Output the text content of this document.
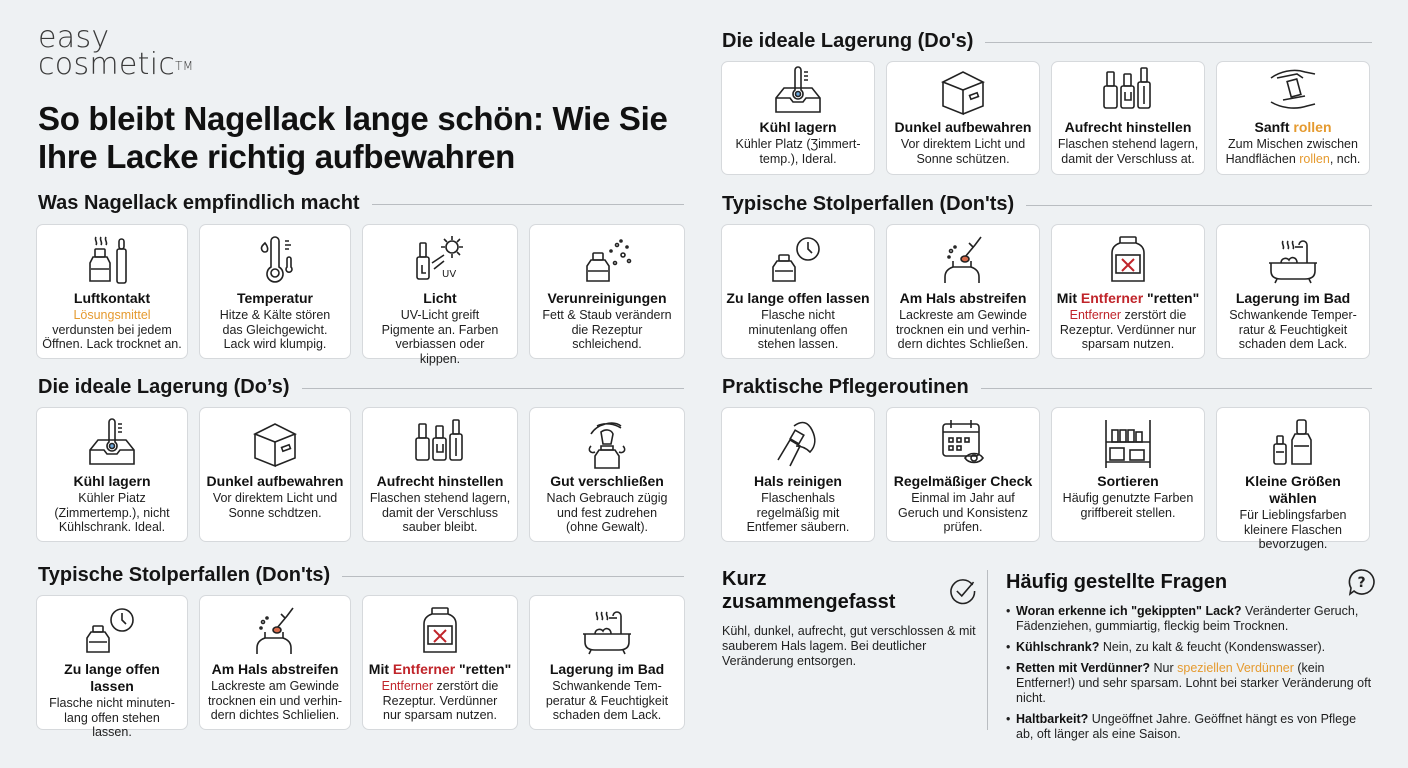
easy
cosmetic™
So bleibt Nagellack lange schön: Wie Sie Ihre Lacke richtig aufbewahren
Was Nagellack empfindlich macht
Luftkontakt
Lösungsmittel
verdunsten bei jedem Öffnen. Lack trocknet an.
Temperatur
Hitze & Kälte stören das Gleichgewicht. Lack wird klumpig.
Licht
UV-Licht greift Pigmente an. Farben verbiassen oder kippen.
Verunreinigungen
Fett & Staub verändern die Rezeptur schleichend.
Die ideale Lagerung (Do’s)
Kühl lagern
Kühler Piatz (Zimmertemp.), nicht Kühlschrank. Ideal.
Dunkel aufbewahren
Vor direktem Licht und Sonne schdtzen.
Aufrecht hinstellen
Flaschen stehend lagern, damit der Verschluss sauber bleibt.
Gut verschließen
Nach Gebrauch zügig und fest zudrehen (ohne Gewalt).
Typische Stolperfallen (Don'ts)
Zu lange offen lassen
Flasche nicht minuten-lang offen stehen lassen.
Am Hals abstreifen
Lackreste am Gewinde trocknen ein und verhin-dern dichtes Schlielien.
Mit Entferner "retten"
Entferner zerstört die Rezeptur. Verdünner nur sparsam nutzen.
Lagerung im Bad
Schwankende Tem-peratur & Feuchtigkeit schaden dem Lack.
Die ideale Lagerung (Do's)
Kühl lagern
Kühler Platz (Ʒimmert-temp.), Ideral.
Dunkel aufbewahren
Vor direktem Licht und Sonne schützen.
Aufrecht hinstellen
Flaschen stehend lagern, damit der Verschluss at.
Sanft rollen
Zum Mischen zwischen Handflächen rollen, nch.
Typische Stolperfallen (Don'ts)
Zu lange offen lassen
Flasche nicht minutenlang offen stehen lassen.
Am Hals abstreifen
Lackreste am Gewinde trocknen ein und verhin-dern dichtes Schließen.
Mit Entferner "retten"
Entferner zerstört die Rezeptur. Verdünner nur sparsam nutzen.
Lagerung im Bad
Schwankende Temper-ratur & Feuchtigkeit schaden dem Lack.
Praktische Pflegeroutinen
Hals reinigen
Flaschenhals regelmäßig mit Entfemer säubern.
Regelmäßiger Check
Einmal im Jahr auf Geruch und Konsistenz prüfen.
Sortieren
Häufig genutzte Farben griffbereit stellen.
Kleine Größen wählen
Für Lieblingsfarben kleinere Flaschen bevorzugen.
Kurz zusammengefasst
Kühl, dunkel, aufrecht, gut verschlossen & mit sauberem Hals lagem. Bei deutlicher Veränderung entsorgen.
Häufig gestellte Fragen
• Woran erkenne ich "gekippten" Lack? Veränderter Geruch, Fädenziehen, gummiartig, fleckig beim Trocknen.
• Kühlschrank? Nein, zu kalt & feucht (Kondenswasser).
• Retten mit Verdünner? Nur speziellen Verdünner (kein Entferner!) und sehr sparsam. Lohnt bei starker Veränderung oft nicht.
• Haltbarkeit? Ungeöffnet Jahre. Geöffnet hängt es von Pflege ab, oft länger als eine Saison.
